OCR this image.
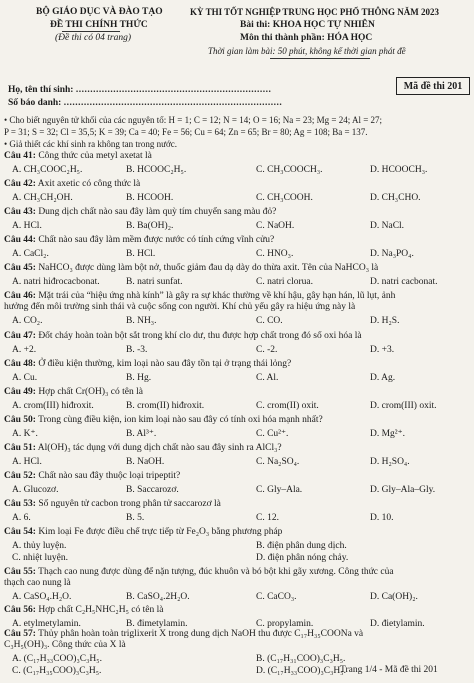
BỘ GIÁO DỤC VÀ ĐÀO TẠO
ĐỀ THI CHÍNH THỨC
(Đề thi có 04 trang)
KỲ THI TỐT NGHIỆP TRUNG HỌC PHỔ THÔNG NĂM 2023
Bài thi: KHOA HỌC TỰ NHIÊN
Môn thi thành phần: HÓA HỌC
Thời gian làm bài: 50 phút, không kể thời gian phát đề
Mã đề thi 201
Họ, tên thí sinh: ....................................................................
Số báo danh: ............................................................................
• Cho biết nguyên tử khối của các nguyên tố: H = 1; C = 12; N = 14; O = 16; Na = 23; Mg = 24; Al = 27;
P = 31; S = 32; Cl = 35,5; K = 39; Ca = 40; Fe = 56; Cu = 64; Zn = 65; Br = 80; Ag = 108; Ba = 137.
• Giả thiết các khí sinh ra không tan trong nước.
Câu 41: Công thức của metyl axetat là
A. CH₃COOC₂H₅.	B. HCOOC₂H₅.	C. CH₃COOCH₃.	D. HCOOCH₃.
Câu 42: Axit axetic có công thức là
A. CH₃CH₂OH.	B. HCOOH.	C. CH₃COOH.	D. CH₃CHO.
Câu 43: Dung dịch chất nào sau đây làm quỳ tím chuyển sang màu đỏ?
A. HCl.	B. Ba(OH)₂.	C. NaOH.	D. NaCl.
Câu 44: Chất nào sau đây làm mềm được nước có tính cứng vĩnh cửu?
A. CaCl₂.	B. HCl.	C. HNO₃.	D. Na₃PO₄.
Câu 45: NaHCO₃ được dùng làm bột nở, thuốc giảm đau dạ dày do thừa axit. Tên của NaHCO₃ là
A. natri hiđrocacbonat.	B. natri sunfat.	C. natri clorua.	D. natri cacbonat.
Câu 46: Mặt trái của “hiệu ứng nhà kính” là gây ra sự khác thường về khí hậu, gây hạn hán, lũ lụt, ảnh
hưởng đến môi trường sinh thái và cuộc sống con người. Khí chủ yếu gây ra hiệu ứng này là
A. CO₂.	B. NH₃.	C. CO.	D. H₂S.
Câu 47: Đốt cháy hoàn toàn bột sắt trong khí clo dư, thu được hợp chất trong đó số oxi hóa là
A. +2.	B. -3.	C. -2.	D. +3.
Câu 48: Ở điều kiện thường, kim loại nào sau đây tồn tại ở trạng thái lỏng?
A. Cu.	B. Hg.	C. Al.	D. Ag.
Câu 49: Hợp chất Cr(OH)₃ có tên là
A. crom(III) hiđroxit.	B. crom(II) hiđroxit.	C. crom(II) oxit.	D. crom(III) oxit.
Câu 50: Trong cùng điều kiện, ion kim loại nào sau đây có tính oxi hóa mạnh nhất?
A. K⁺.	B. Al³⁺.	C. Cu²⁺.	D. Mg²⁺.
Câu 51: Al(OH)₃ tác dụng với dung dịch chất nào sau đây sinh ra AlCl₃?
A. HCl.	B. NaOH.	C. Na₂SO₄.	D. H₂SO₄.
Câu 52: Chất nào sau đây thuộc loại tripeptit?
A. Glucozơ.	B. Saccarozơ.	C. Gly–Ala.	D. Gly–Ala–Gly.
Câu 53: Số nguyên tử cacbon trong phân tử saccarozơ là
A. 6.	B. 5.	C. 12.	D. 10.
Câu 54: Kim loại Fe được điều chế trực tiếp từ Fe₂O₃ bằng phương pháp
A. thủy luyện.	B. điện phân dung dịch.
C. nhiệt luyện.	D. điện phân nóng chảy.
Câu 55: Thạch cao nung được dùng để nặn tượng, đúc khuôn và bó bột khi gãy xương. Công thức của
thạch cao nung là
A. CaSO₄.H₂O.	B. CaSO₄.2H₂O.	C. CaCO₃.	D. Ca(OH)₂.
Câu 56: Hợp chất C₂H₅NHC₂H₅ có tên là
A. etylmetylamin.	B. đimetylamin.	C. propylamin.	D. đietylamin.
Câu 57: Thủy phân hoàn toàn triglixerit X trong dung dịch NaOH thu được C₁₇H₃₅COONa và
C₃H₅(OH)₃. Công thức của X là
A. (C₁₇H₃₃COO)₃C₃H₅.	B. (C₁₇H₃₁COO)₃C₃H₅.
C. (C₁₇H₃₅COO)₃C₃H₅.	D. (C₁₇H₃₃COO)₃C₃H₅.
Trang 1/4 - Mã đề thi 201
